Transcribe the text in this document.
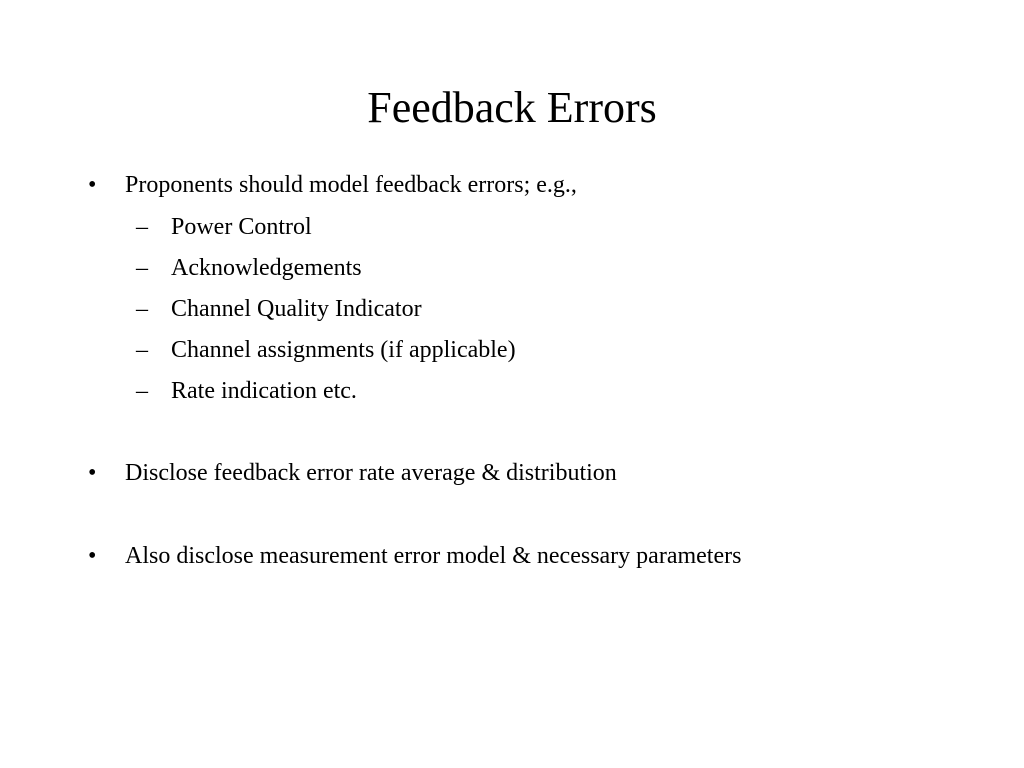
Feedback Errors
• Proponents should model feedback errors; e.g.,
– Power Control
– Acknowledgements
– Channel Quality Indicator
– Channel assignments (if applicable)
– Rate indication etc.
• Disclose feedback error rate average & distribution
• Also disclose measurement error model & necessary parameters
